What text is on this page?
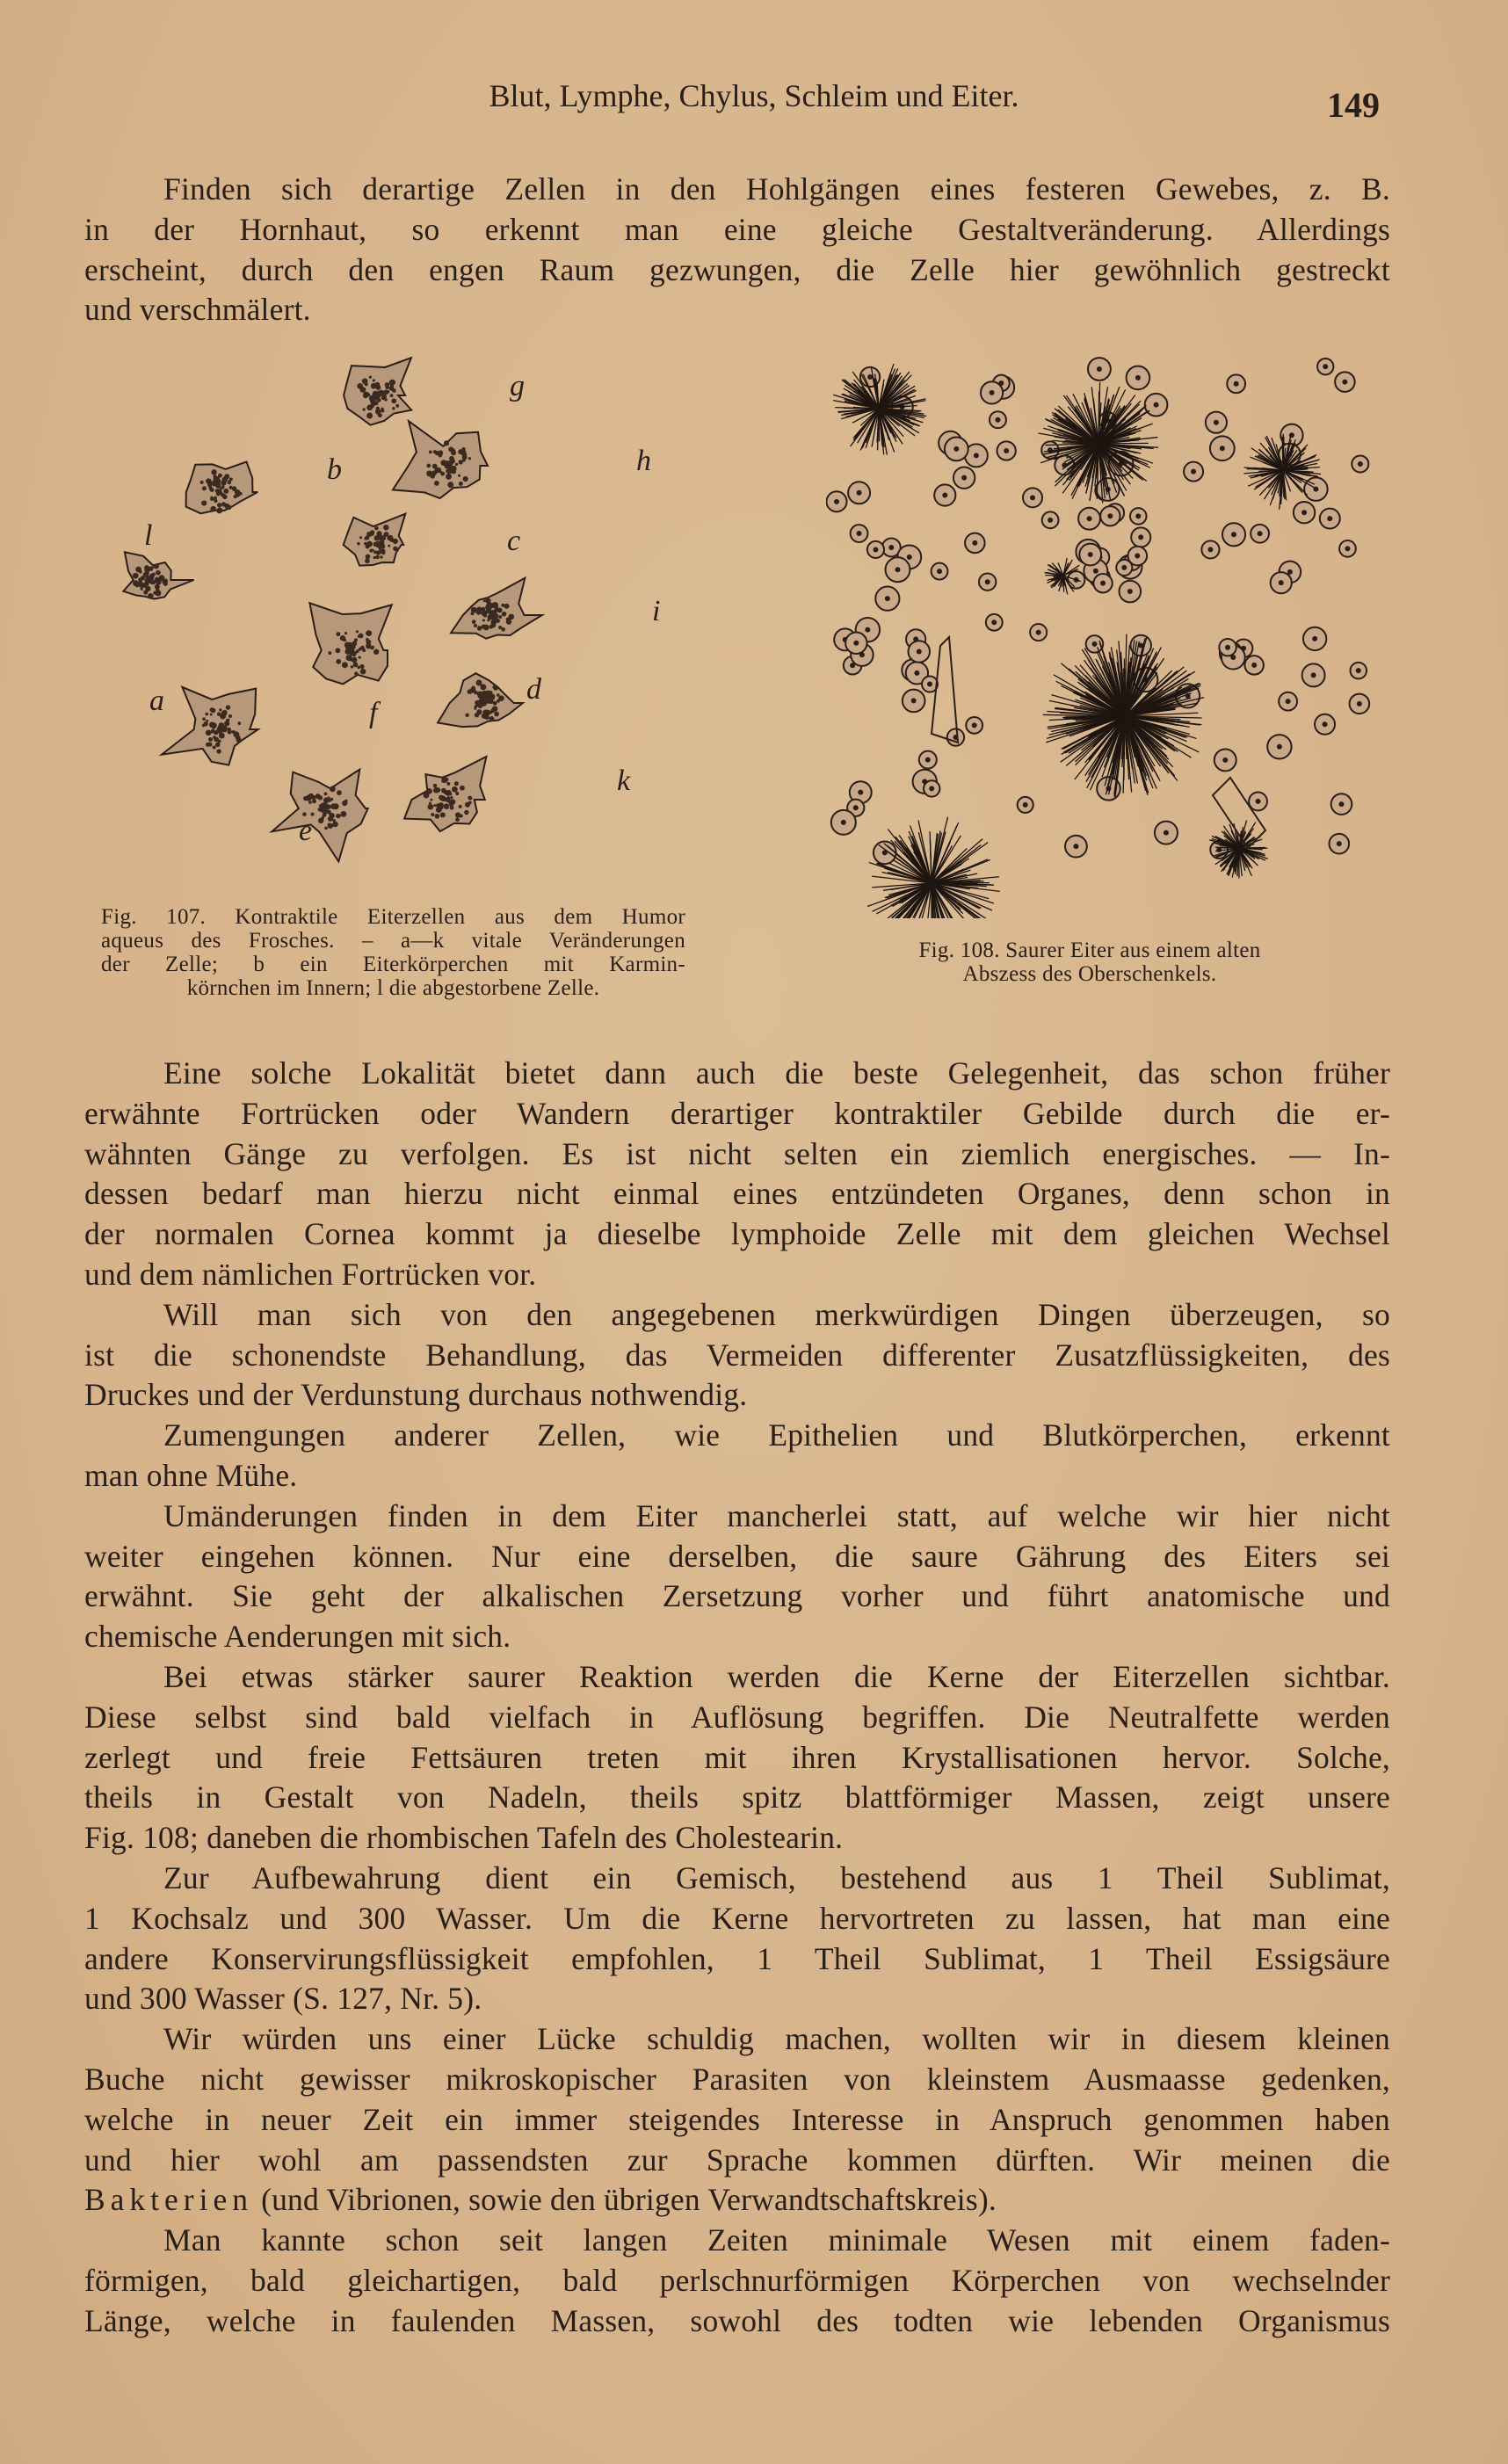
Blut, Lymphe, Chylus, Schleim und Eiter.	149
Finden sich derartige Zellen in den Hohlgängen eines festeren Gewebes, z. B.
in der Hornhaut, so erkennt man eine gleiche Gestaltveränderung. Allerdings
erscheint, durch den engen Raum gezwungen, die Zelle hier gewöhnlich gestreckt
und verschmälert.
g
h
b
l	c
i
a	f
d
k
e
Fig. 107. Kontraktile Eiterzellen aus dem Humor
aqueus des Frosches. – a—k vitale Veränderungen
der Zelle; b ein Eiterkörperchen mit Karmin-
körnchen im Innern; l die abgestorbene Zelle.
Fig. 108. Saurer Eiter aus einem alten
Abszess des Oberschenkels.
Eine solche Lokalität bietet dann auch die beste Gelegenheit, das schon früher
erwähnte Fortrücken oder Wandern derartiger kontraktiler Gebilde durch die er-
wähnten Gänge zu verfolgen. Es ist nicht selten ein ziemlich energisches. — In-
dessen bedarf man hierzu nicht einmal eines entzündeten Organes, denn schon in
der normalen Cornea kommt ja dieselbe lymphoide Zelle mit dem gleichen Wechsel
und dem nämlichen Fortrücken vor.
Will man sich von den angegebenen merkwürdigen Dingen überzeugen, so
ist die schonendste Behandlung, das Vermeiden differenter Zusatzflüssigkeiten, des
Druckes und der Verdunstung durchaus nothwendig.
Zumengungen anderer Zellen, wie Epithelien und Blutkörperchen, erkennt
man ohne Mühe.
Umänderungen finden in dem Eiter mancherlei statt, auf welche wir hier nicht
weiter eingehen können. Nur eine derselben, die saure Gährung des Eiters sei
erwähnt. Sie geht der alkalischen Zersetzung vorher und führt anatomische und
chemische Aenderungen mit sich.
Bei etwas stärker saurer Reaktion werden die Kerne der Eiterzellen sichtbar.
Diese selbst sind bald vielfach in Auflösung begriffen. Die Neutralfette werden
zerlegt und freie Fettsäuren treten mit ihren Krystallisationen hervor. Solche,
theils in Gestalt von Nadeln, theils spitz blattförmiger Massen, zeigt unsere
Fig. 108; daneben die rhombischen Tafeln des Cholestearin.
Zur Aufbewahrung dient ein Gemisch, bestehend aus 1 Theil Sublimat,
1 Kochsalz und 300 Wasser. Um die Kerne hervortreten zu lassen, hat man eine
andere Konservirungsflüssigkeit empfohlen, 1 Theil Sublimat, 1 Theil Essigsäure
und 300 Wasser (S. 127, Nr. 5).
Wir würden uns einer Lücke schuldig machen, wollten wir in diesem kleinen
Buche nicht gewisser mikroskopischer Parasiten von kleinstem Ausmaasse gedenken,
welche in neuer Zeit ein immer steigendes Interesse in Anspruch genommen haben
und hier wohl am passendsten zur Sprache kommen dürften. Wir meinen die
Bakterien (und Vibrionen, sowie den übrigen Verwandtschaftskreis).
Man kannte schon seit langen Zeiten minimale Wesen mit einem faden-
förmigen, bald gleichartigen, bald perlschnurförmigen Körperchen von wechselnder
Länge, welche in faulenden Massen, sowohl des todten wie lebenden Organismus
